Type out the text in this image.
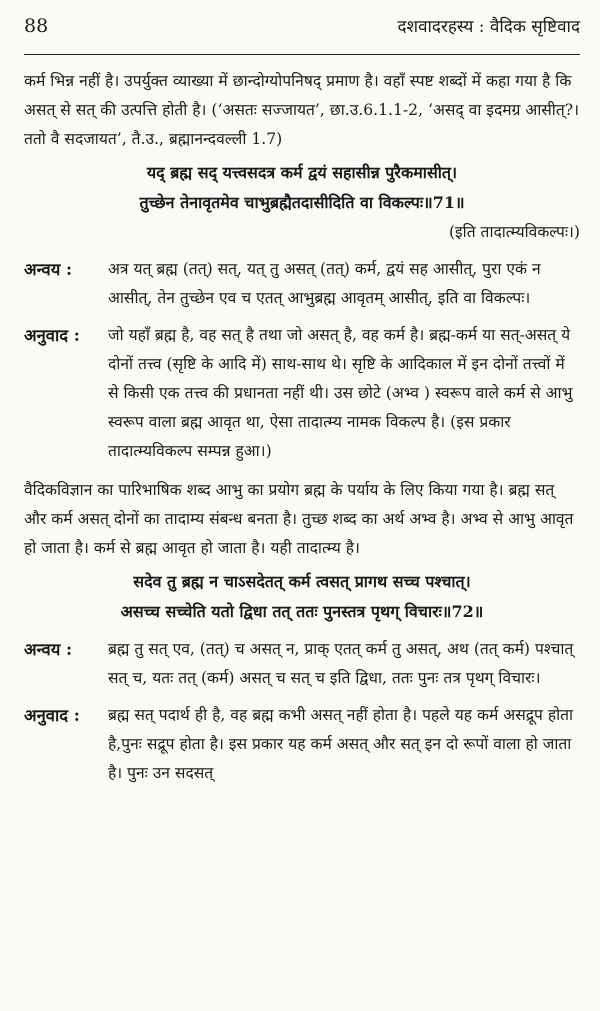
88	दशवादरहस्य : वैदिक सृष्टिवाद

कर्म भिन्न नहीं है। उपर्युक्त व्याख्या में छान्दोग्योपनिषद् प्रमाण है। वहाँ स्पष्ट शब्दों में कहा गया है कि असत् से सत् की उत्पत्ति होती है। (‘असतः सज्जायत’, छा.उ.6.1.1-2, ‘असद् वा इदमग्र आसीत्?। ततो वै सदजायत’, तै.उ., ब्रह्मानन्दवल्ली 1.7)

यद् ब्रह्म सद् यत्त्वसदत्र कर्म द्वयं सहासीन्न पुरैकमासीत्।
तुच्छेन तेनावृतमेव चाभुब्रह्मैतदासीदिति वा विकल्पः॥71॥

(इति तादात्म्यविकल्पः।)

अन्वय :	अत्र यत् ब्रह्म (तत्) सत्, यत् तु असत् (तत्) कर्म, द्वयं सह आसीत्, पुरा एकं न आसीत्, तेन तुच्छेन एव च एतत् आभुब्रह्म आवृतम् आसीत्, इति वा विकल्पः।
अनुवाद :	जो यहाँ ब्रह्म है, वह सत् है तथा जो असत् है, वह कर्म है। ब्रह्म-कर्म या सत्-असत् ये दोनों तत्त्व (सृष्टि के आदि में) साथ-साथ थे। सृष्टि के आदिकाल में इन दोनों तत्त्वों में से किसी एक तत्त्व की प्रधानता नहीं थी। उस छोटे (अभ्व ) स्वरूप वाले कर्म से आभु स्वरूप वाला ब्रह्म आवृत था, ऐसा तादात्म्य नामक विकल्प है। (इस प्रकार तादात्म्यविकल्प सम्पन्न हुआ।)

वैदिकविज्ञान का पारिभाषिक शब्द आभु का प्रयोग ब्रह्म के पर्याय के लिए किया गया है। ब्रह्म सत् और कर्म असत् दोनों का तादाम्य संबन्ध बनता है। तुच्छ शब्द का अर्थ अभ्व है। अभ्व से आभु आवृत हो जाता है। कर्म से ब्रह्म आवृत हो जाता है। यही तादात्म्य है।

सदेव तु ब्रह्म न चाऽसदेतत् कर्म त्वसत् प्रागथ सच्च पश्चात्।
असच्च सच्चेति यतो द्विधा तत् ततः पुनस्तत्र पृथग् विचारः॥72॥
अन्वय :	ब्रह्म तु सत् एव, (तत्) च असत् न, प्राक् एतत् कर्म तु असत्, अथ (तत् कर्म) पश्चात् सत् च, यतः तत् (कर्म) असत् च सत् च इति द्विधा, ततः पुनः तत्र पृथग् विचारः।
अनुवाद :	ब्रह्म सत् पदार्थ ही है, वह ब्रह्म कभी असत् नहीं होता है। पहले यह कर्म असद्रूप होता है,पुनः सद्रूप होता है। इस प्रकार यह कर्म असत् और सत् इन दो रूपों वाला हो जाता है। पुनः उन सदसत्
